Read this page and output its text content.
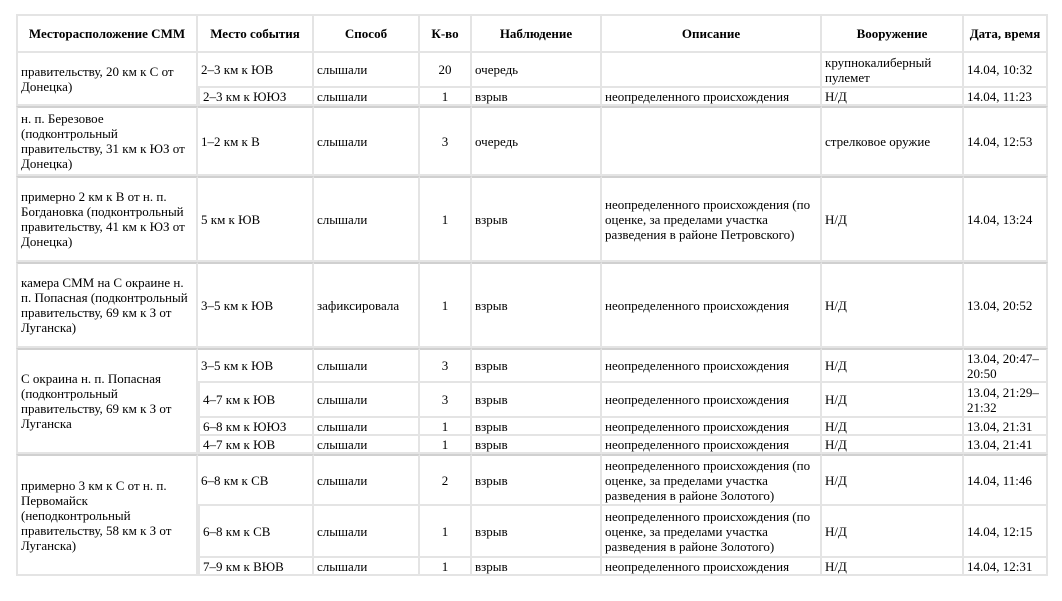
Месторасположение СММ	Место события	Способ	К-во	Наблюдение	Описание	Вооружение	Дата, время
правительству, 20 км к С от Донецка)	2–3 км к ЮВ	слышали	20	очередь		крупнокалиберный пулемет	14.04, 10:32
	2–3 км к ЮЮЗ	слышали	1	взрыв	неопределенного происхождения	Н/Д	14.04, 11:23
н. п. Березовое (подконтрольный правительству, 31 км к ЮЗ от Донецка)	1–2 км к В	слышали	3	очередь		стрелковое оружие	14.04, 12:53
примерно 2 км к В от н. п. Богдановка (подконтрольный правительству, 41 км к ЮЗ от Донецка)	5 км к ЮВ	слышали	1	взрыв	неопределенного происхождения (по оценке, за пределами участка разведения в районе Петровского)	Н/Д	14.04, 13:24
камера СММ на С окраине н. п. Попасная (подконтрольный правительству, 69 км к З от Луганска)	3–5 км к ЮВ	зафиксировала	1	взрыв	неопределенного происхождения	Н/Д	13.04, 20:52
С окраина н. п. Попасная (подконтрольный правительству, 69 км к З от Луганска	3–5 км к ЮВ	слышали	3	взрыв	неопределенного происхождения	Н/Д	13.04, 20:47–20:50
	4–7 км к ЮВ	слышали	3	взрыв	неопределенного происхождения	Н/Д	13.04, 21:29–21:32
	6–8 км к ЮЮЗ	слышали	1	взрыв	неопределенного происхождения	Н/Д	13.04, 21:31
	4–7 км к ЮВ	слышали	1	взрыв	неопределенного происхождения	Н/Д	13.04, 21:41
примерно 3 км к С от н. п. Первомайск (неподконтрольный правительству, 58 км к З от Луганска)	6–8 км к СВ	слышали	2	взрыв	неопределенного происхождения (по оценке, за пределами участка разведения в районе Золотого)	Н/Д	14.04, 11:46
	6–8 км к СВ	слышали	1	взрыв	неопределенного происхождения (по оценке, за пределами участка разведения в районе Золотого)	Н/Д	14.04, 12:15
	7–9 км к ВЮВ	слышали	1	взрыв	неопределенного происхождения	Н/Д	14.04, 12:31
